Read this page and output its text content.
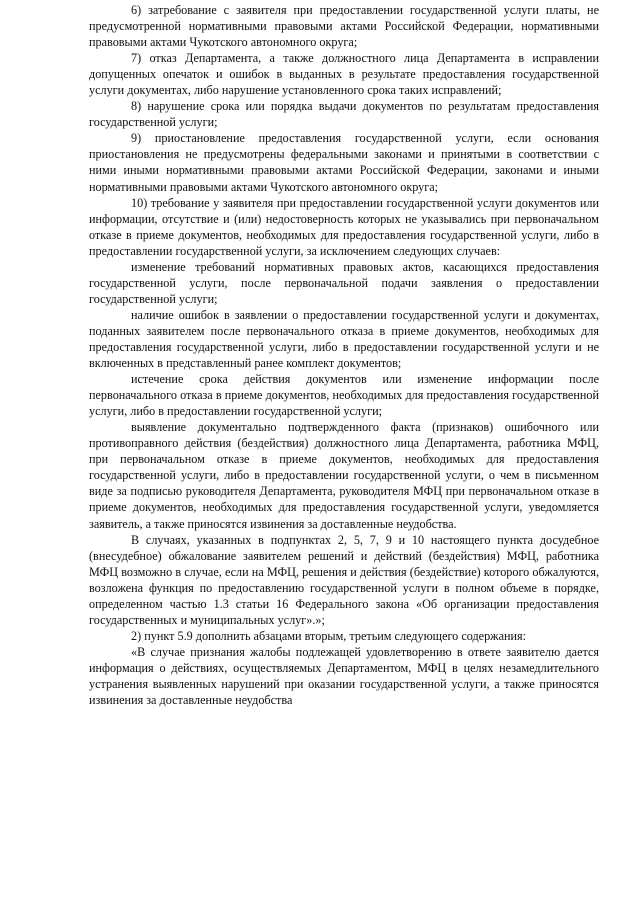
6) затребование с заявителя при предоставлении государственной услуги платы, не предусмотренной нормативными правовыми актами Российской Федерации, нормативными правовыми актами Чукотского автономного округа;
7) отказ Департамента, а также должностного лица Департамента в исправлении допущенных опечаток и ошибок в выданных в результате предоставления государственной услуги документах, либо нарушение установленного срока таких исправлений;
8) нарушение срока или порядка выдачи документов по результатам предоставления государственной услуги;
9) приостановление предоставления государственной услуги, если основания приостановления не предусмотрены федеральными законами и принятыми в соответствии с ними иными нормативными правовыми актами Российской Федерации, законами и иными нормативными правовыми актами Чукотского автономного округа;
10) требование у заявителя при предоставлении государственной услуги документов или информации, отсутствие и (или) недостоверность которых не указывались при первоначальном отказе в приеме документов, необходимых для предоставления государственной услуги, либо в предоставлении государственной услуги, за исключением следующих случаев:
изменение требований нормативных правовых актов, касающихся предоставления государственной услуги, после первоначальной подачи заявления о предоставлении государственной услуги;
наличие ошибок в заявлении о предоставлении государственной услуги и документах, поданных заявителем после первоначального отказа в приеме документов, необходимых для предоставления государственной услуги, либо в предоставлении государственной услуги и не включенных в представленный ранее комплект документов;
истечение срока действия документов или изменение информации после первоначального отказа в приеме документов, необходимых для предоставления государственной услуги, либо в предоставлении государственной услуги;
выявление документально подтвержденного факта (признаков) ошибочного или противоправного действия (бездействия) должностного лица Департамента, работника МФЦ, при первоначальном отказе в приеме документов, необходимых для предоставления государственной услуги, либо в предоставлении государственной услуги, о чем в письменном виде за подписью руководителя Департамента, руководителя МФЦ при первоначальном отказе в приеме документов, необходимых для предоставления государственной услуги, уведомляется заявитель, а также приносятся извинения за доставленные неудобства.
В случаях, указанных в подпунктах 2, 5, 7, 9 и 10 настоящего пункта досудебное (внесудебное) обжалование заявителем решений и действий (бездействия) МФЦ, работника МФЦ возможно в случае, если на МФЦ, решения и действия (бездействие) которого обжалуются, возложена функция по предоставлению государственной услуги в полном объеме в порядке, определенном частью 1.3 статьи 16 Федерального закона «Об организации предоставления государственных и муниципальных услуг».»;
2) пункт 5.9 дополнить абзацами вторым, третьим следующего содержания:
«В случае признания жалобы подлежащей удовлетворению в ответе заявителю дается информация о действиях, осуществляемых Департаментом, МФЦ в целях незамедлительного устранения выявленных нарушений при оказании государственной услуги, а также приносятся извинения за доставленные неудобства
